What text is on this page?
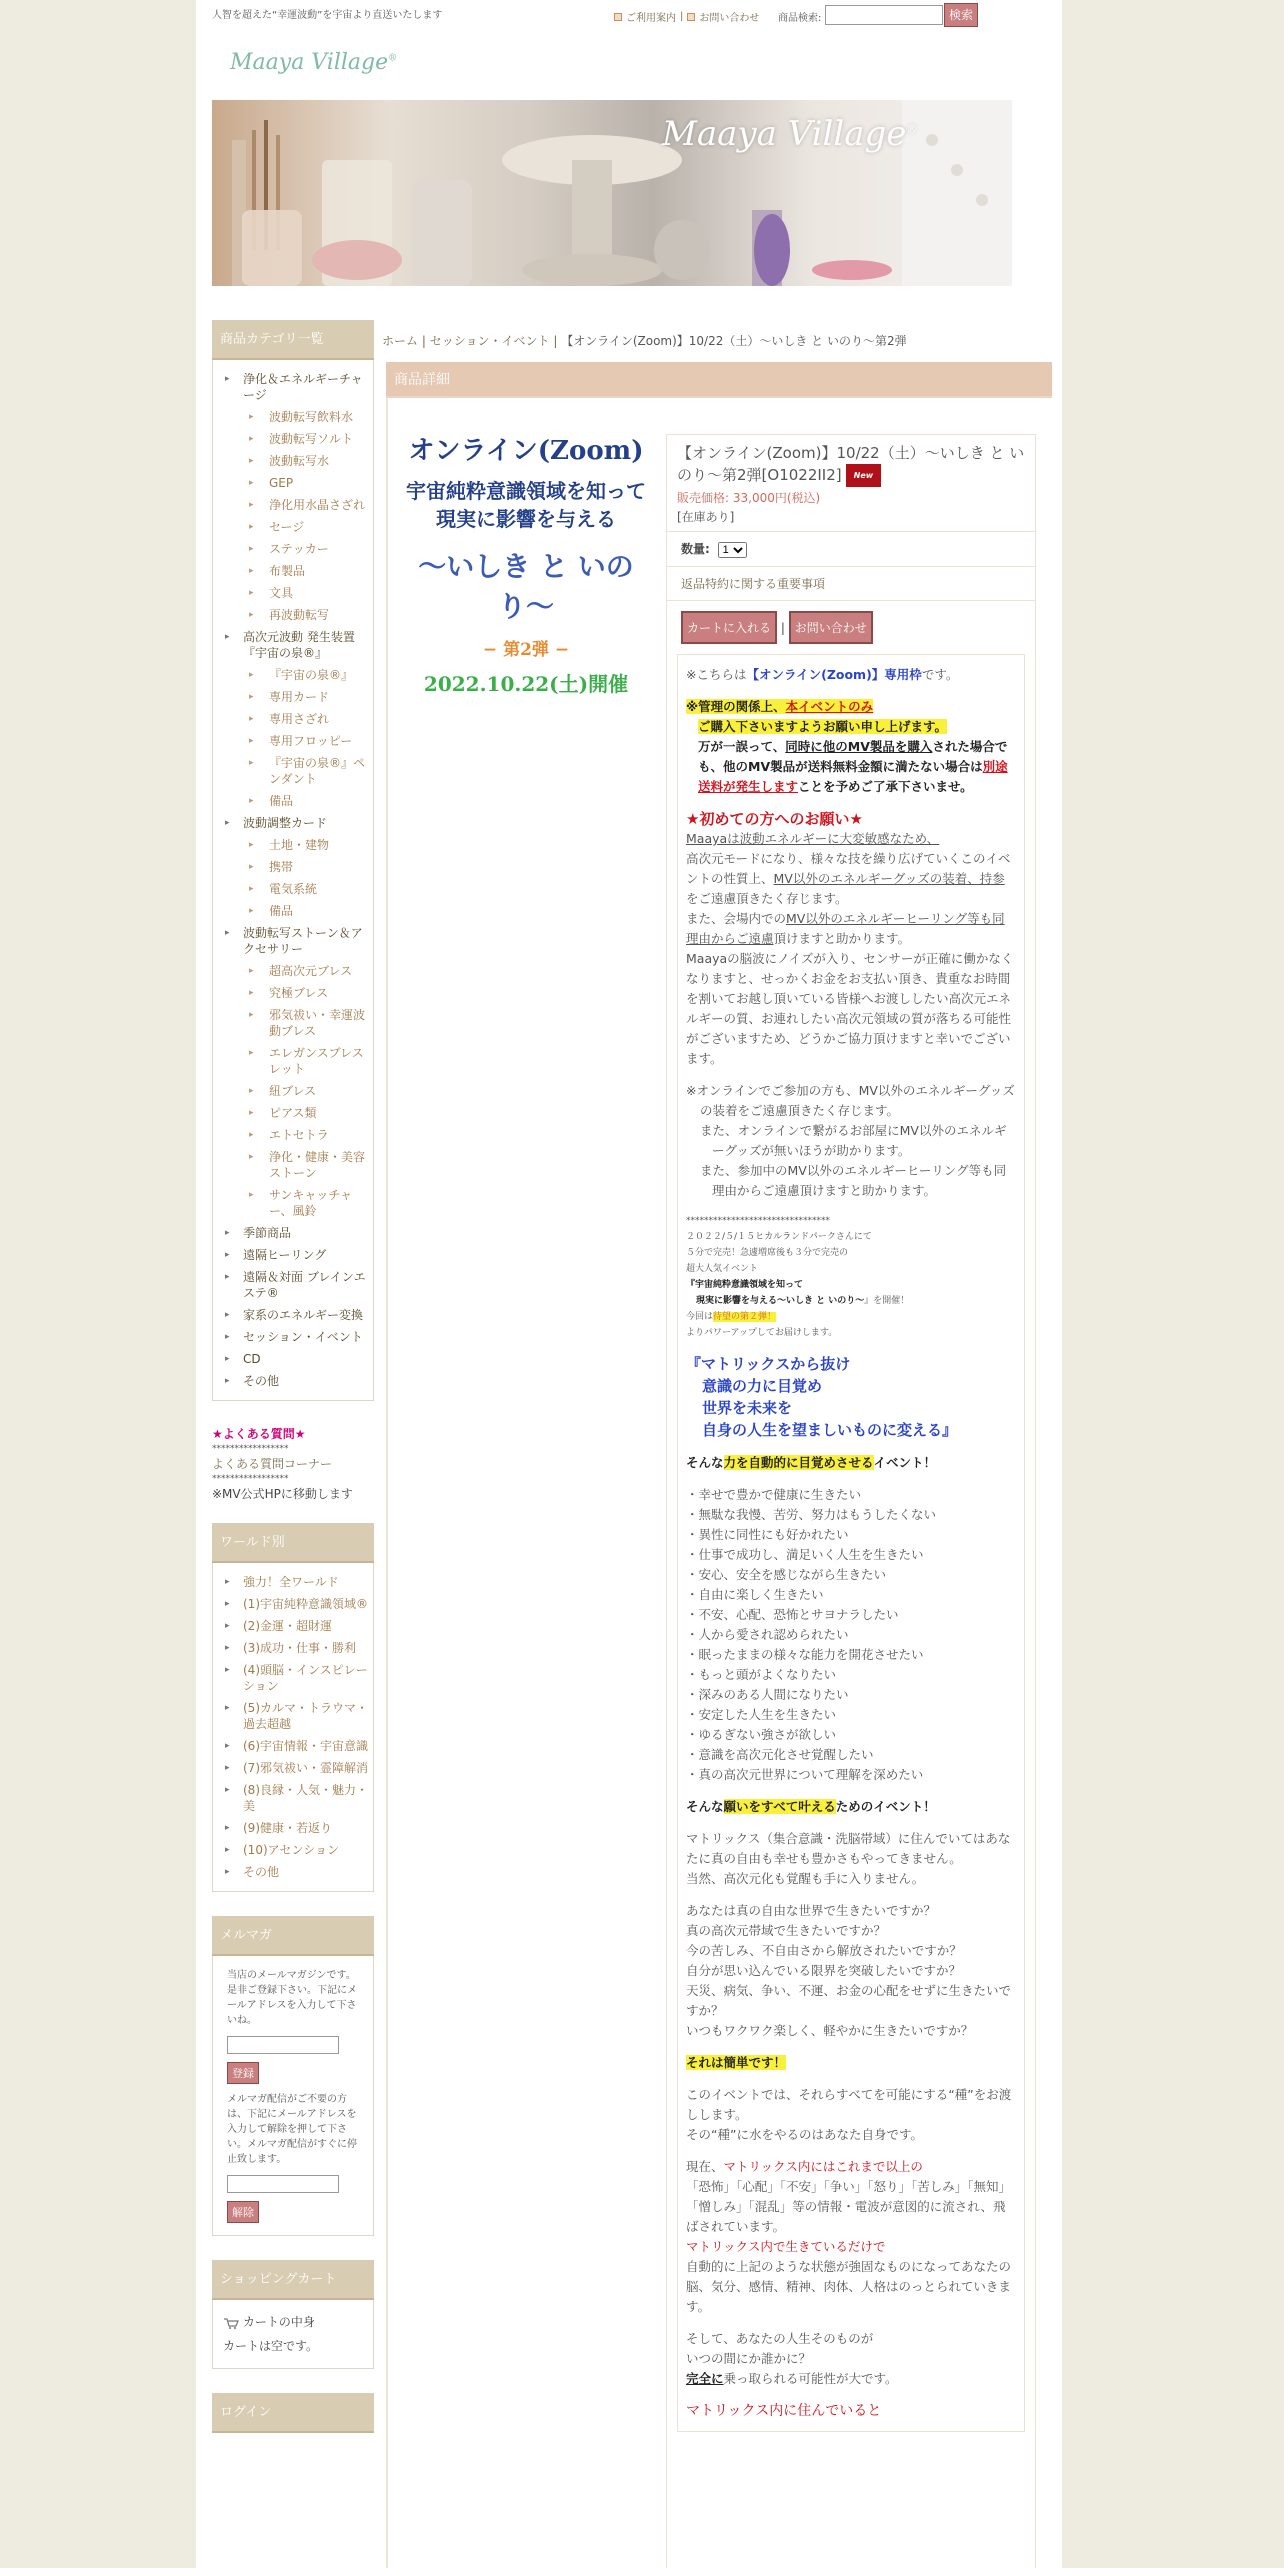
人智を超えた“幸運波動”を宇宙より直送いたします	ご利用案内 | お問い合わせ 商品検索:	検索
Maaya Village®
Maaya Village®
商品カテゴリ一覧
▸ 浄化＆エネルギーチャージ
▸ 波動転写飲料水
▸ 波動転写ソルト
▸ 波動転写水
▸ GEP
▸ 浄化用水晶さざれ
▸ セージ
▸ ステッカー
▸ 布製品
▸ 文具
▸ 再波動転写
▸ 高次元波動 発生装置『宇宙の泉®』
▸ 『宇宙の泉®』
▸ 専用カード
▸ 専用さざれ
▸ 専用フロッピー
▸ 『宇宙の泉®』ペンダント
▸ 備品
▸ 波動調整カード
▸ 土地・建物
▸ 携帯
▸ 電気系統
▸ 備品
▸ 波動転写ストーン＆アクセサリー
▸ 超高次元ブレス
▸ 究極ブレス
▸ 邪気祓い・幸運波動ブレス
▸ エレガンスブレスレット
▸ 紐ブレス
▸ ピアス類
▸ エトセトラ
▸ 浄化・健康・美容ストーン
▸ サンキャッチャー、風鈴
▸ 季節商品
▸ 遠隔ヒーリング
▸ 遠隔＆対面 ブレインエステ®
▸ 家系のエネルギー変換
▸ セッション・イベント
▸ CD
▸ その他
★よくある質問★
*****************
よくある質問コーナー
*****************
※MV公式HPに移動します
ワールド別
▸ 強力！全ワールド
▸ (1)宇宙純粋意識領域®
▸ (2)金運・超財運
▸ (3)成功・仕事・勝利
▸ (4)頭脳・インスピレーション
▸ (5)カルマ・トラウマ・過去超越
▸ (6)宇宙情報・宇宙意識
▸ (7)邪気祓い・霊障解消
▸ (8)良縁・人気・魅力・美
▸ (9)健康・若返り
▸ (10)アセンション
▸ その他
メルマガ
当店のメールマガジンです。是非ご登録下さい。下記にメールアドレスを入力して下さいね。
登録
メルマガ配信がご不要の方は、下記にメールアドレスを入力して解除を押して下さい。メルマガ配信がすぐに停止致します。
解除
ショッピングカート
カートの中身
カートは空です。
ログイン
ホーム | セッション・イベント | 【オンライン(Zoom)】10/22（土）〜いしき と いのり〜第2弾
商品詳細
オンライン(Zoom)
宇宙純粋意識領域を知って
現実に影響を与える
〜いしき と いのり〜
− 第2弾 −
2022.10.22(土)開催
【オンライン(Zoom)】10/22（土）〜いしき と いのり〜第2弾[O1022II2] New
販売価格: 33,000円(税込)
[在庫あり]
数量:
1
返品特約に関する重要事項
カートに入れる | お問い合わせ

※こちらは【オンライン(Zoom)】専用枠です。

※管理の関係上、本イベントのみ

ご購入下さいますようお願い申し上げます。

万が一誤って、同時に他のMV製品を購入された場合でも、他のMV製品が送料無料金額に満たない場合は別途送料が発生しますことを予めご了承下さいませ。

★初めての方へのお願い★

Maayaは波動エネルギーに大変敏感なため、

高次元モードになり、様々な技を繰り広げていくこのイベントの性質上、MV以外のエネルギーグッズの装着、持参をご遠慮頂きたく存じます。

また、会場内でのMV以外のエネルギーヒーリング等も同理由からご遠慮頂けますと助かります。

Maayaの脳波にノイズが入り、センサーが正確に働かなくなりますと、せっかくお金をお支払い頂き、貴重なお時間を割いてお越し頂いている皆様へお渡ししたい高次元エネルギーの質、お連れしたい高次元領域の質が落ちる可能性がございますため、どうかご協力頂けますと幸いでございます。

※オンラインでご参加の方も、MV以外のエネルギーグッズの装着をご遠慮頂きたく存じます。

また、オンラインで繋がるお部屋にMV以外のエネルギーグッズが無いほうが助かります。

また、参加中のMV以外のエネルギーヒーリング等も同理由からご遠慮頂けますと助かります。

********************************

２０２２/５/１５ヒカルランドパークさんにて

５分で完売！急遽増席後も３分で完売の

超大人気イベント

『宇宙純粋意識領域を知って

現実に影響を与える〜いしき と いのり〜』を開催！

今回は待望の第２弾！

よりパワーアップしてお届けします。

『マトリックスから抜け

意識の力に目覚め

世界を未来を

自身の人生を望ましいものに変える』

そんな力を自動的に目覚めさせるイベント！

・幸せで豊かで健康に生きたい

・無駄な我慢、苦労、努力はもうしたくない

・異性に同性にも好かれたい

・仕事で成功し、満足いく人生を生きたい

・安心、安全を感じながら生きたい

・自由に楽しく生きたい

・不安、心配、恐怖とサヨナラしたい

・人から愛され認められたい

・眠ったままの様々な能力を開花させたい

・もっと頭がよくなりたい

・深みのある人間になりたい

・安定した人生を生きたい

・ゆるぎない強さが欲しい

・意識を高次元化させ覚醒したい

・真の高次元世界について理解を深めたい

そんな願いをすべて叶えるためのイベント！

マトリックス（集合意識・洗脳帯域）に住んでいてはあなたに真の自由も幸せも豊かさもやってきません。

当然、高次元化も覚醒も手に入りません。

あなたは真の自由な世界で生きたいですか？

真の高次元帯域で生きたいですか？

今の苦しみ、不自由さから解放されたいですか？

自分が思い込んでいる限界を突破したいですか？

天災、病気、争い、不運、お金の心配をせずに生きたいですか？

いつもワクワク楽しく、軽やかに生きたいですか？

それは簡単です！

このイベントでは、それらすべてを可能にする“種”をお渡しします。

その“種”に水をやるのはあなた自身です。

現在、マトリックス内にはこれまで以上の

「恐怖」「心配」「不安」「争い」「怒り」「苦しみ」「無知」「憎しみ」「混乱」等の情報・電波が意図的に流され、飛ばされています。

マトリックス内で生きているだけで

自動的に上記のような状態が強固なものになってあなたの脳、気分、感情、精神、肉体、人格はのっとられていきます。

そして、あなたの人生そのものが

いつの間にか誰かに？

完全に乗っ取られる可能性が大です。

マトリックス内に住んでいると
